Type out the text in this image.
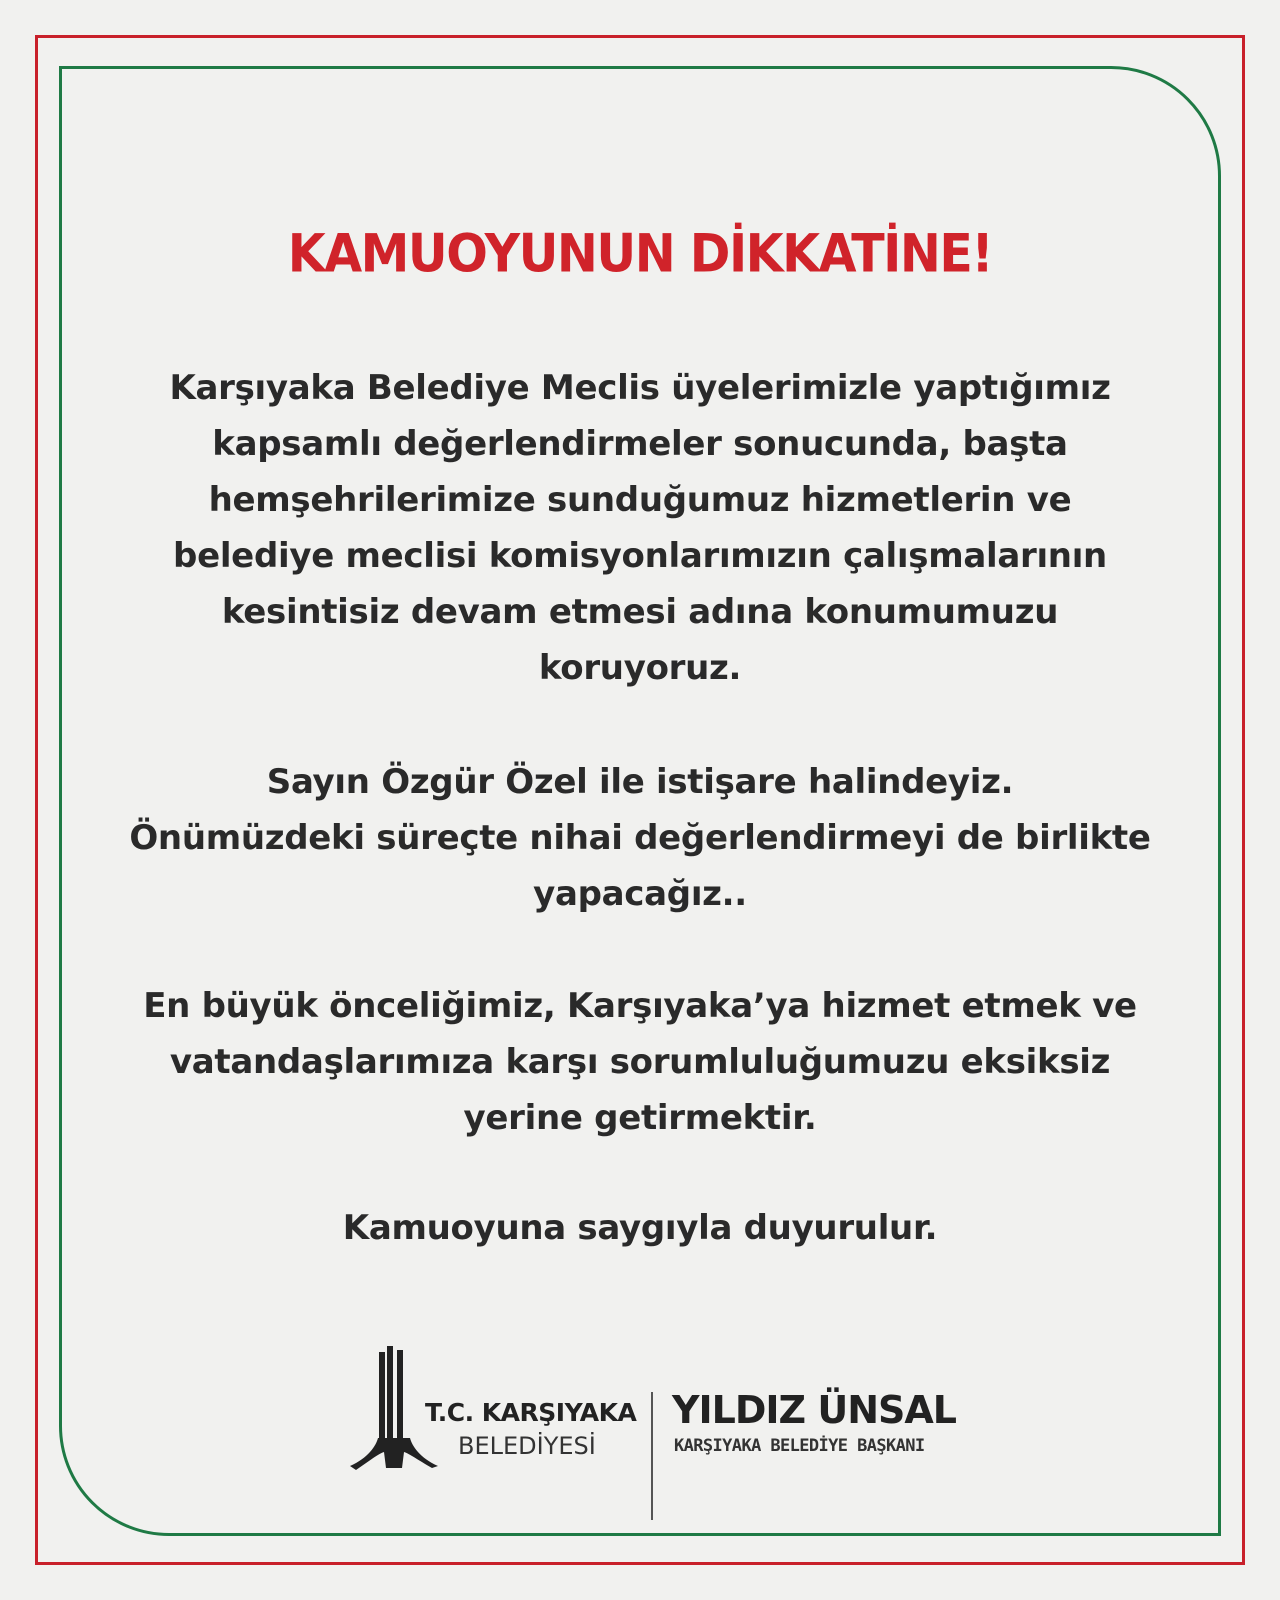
KAMUOYUNUN DİKKATİNE!
Karşıyaka Belediye Meclis üyelerimizle yaptığımız
kapsamlı değerlendirmeler sonucunda, başta
hemşehrilerimize sunduğumuz hizmetlerin ve
belediye meclisi komisyonlarımızın çalışmalarının
kesintisiz devam etmesi adına konumumuzu
koruyoruz.
Sayın Özgür Özel ile istişare halindeyiz.
Önümüzdeki süreçte nihai değerlendirmeyi de birlikte
yapacağız..
En büyük önceliğimiz, Karşıyaka’ya hizmet etmek ve
vatandaşlarımıza karşı sorumluluğumuzu eksiksiz
yerine getirmektir.
Kamuoyuna saygıyla duyurulur.
T.C. KARŞIYAKA
BELEDİYESİ
YILDIZ ÜNSAL
KARŞIYAKA BELEDİYE BAŞKANI
